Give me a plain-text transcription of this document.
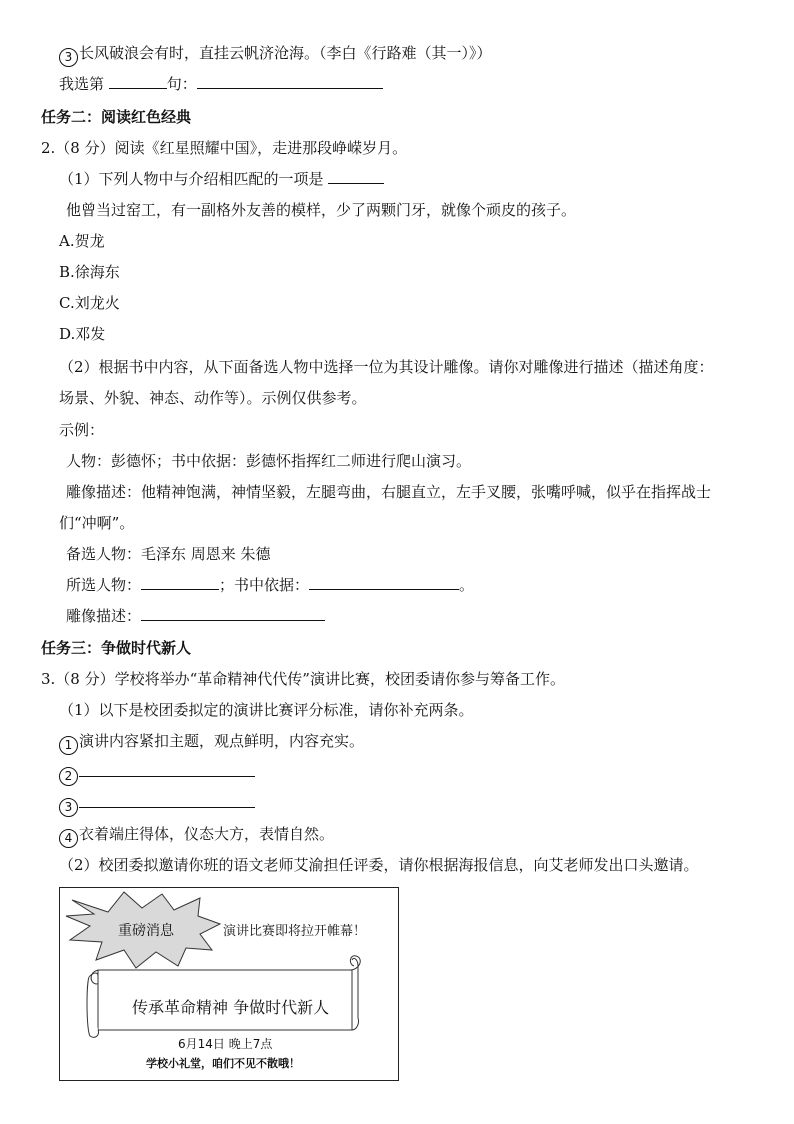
3 长风破浪会有时，直挂云帆济沧海。（李白《行路难（其一）》）
我选第	句：
任务二：阅读红色经典
2.（8 分）阅读《红星照耀中国》，走进那段峥嵘岁月。
（1）下列人物中与介绍相匹配的一项是
他曾当过窑工，有一副格外友善的模样，少了两颗门牙，就像个顽皮的孩子。
A.贺龙
B.徐海东
C.刘龙火
D.邓发
（2）根据书中内容，从下面备选人物中选择一位为其设计雕像。请你对雕像进行描述（描述角度：
场景、外貌、神态、动作等）。示例仅供参考。
示例：
人物：彭德怀；书中依据：彭德怀指挥红二师进行爬山演习。
雕像描述：他精神饱满，神情坚毅，左腿弯曲，右腿直立，左手叉腰，张嘴呼喊，似乎在指挥战士
们“冲啊”。
备选人物：毛泽东 周恩来 朱德
所选人物：	；书中依据：	。
雕像描述：
任务三：争做时代新人
3.（8 分）学校将举办“革命精神代代传”演讲比赛，校团委请你参与筹备工作。
（1）以下是校团委拟定的演讲比赛评分标准，请你补充两条。
1 演讲内容紧扣主题，观点鲜明，内容充实。
2
3
4 衣着端庄得体，仪态大方，表情自然。
（2）校团委拟邀请你班的语文老师艾渝担任评委，请你根据海报信息，向艾老师发出口头邀请。
重磅消息	演讲比赛即将拉开帷幕！
传承革命精神 争做时代新人
6月14日 晚上7点
学校小礼堂，咱们不见不散哦！
